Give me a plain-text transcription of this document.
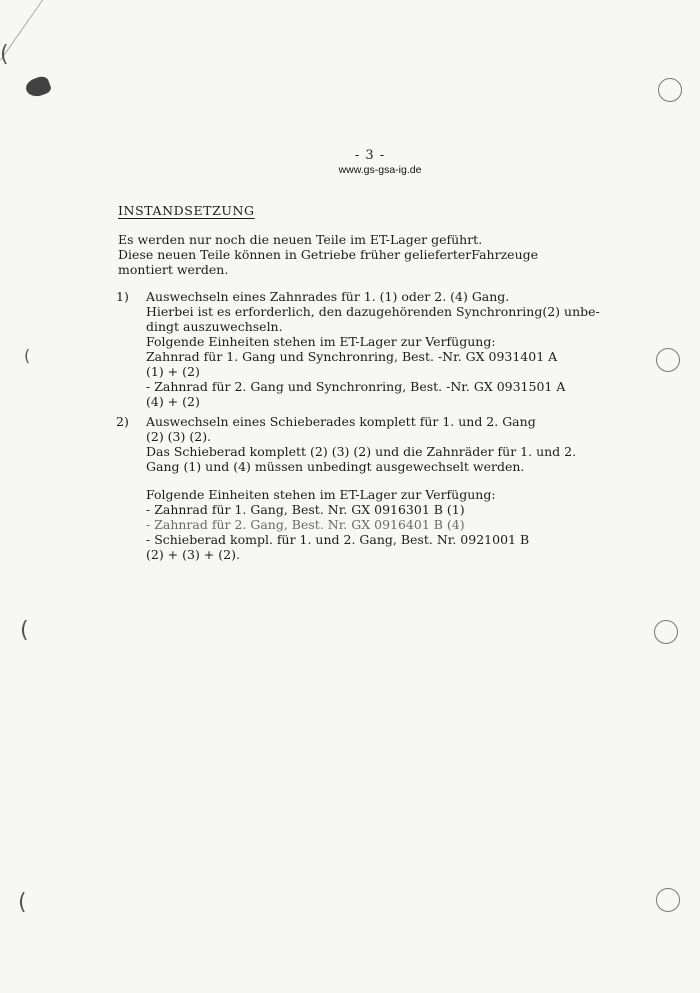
(
(
(
(
- 3 -
www.gs-gsa-ig.de
INSTANDSETZUNG

Es werden nur noch die neuen Teile im ET-Lager geführt.

Diese neuen Teile können in Getriebe früher gelieferterFahrzeuge

montiert werden.

1) Auswechseln eines Zahnrades für 1. (1) oder 2. (4) Gang.

Hierbei ist es erforderlich, den dazugehörenden Synchronring(2) unbe-

dingt auszuwechseln.

Folgende Einheiten stehen im ET-Lager zur Verfügung:

Zahnrad für 1. Gang und Synchronring, Best. -Nr. GX 0931401 A

(1) + (2)

- Zahnrad für 2. Gang und Synchronring, Best. -Nr. GX 0931501 A

(4) + (2)

2) Auswechseln eines Schieberades komplett für 1. und 2. Gang

(2) (3) (2).

Das Schieberad komplett (2) (3) (2) und die Zahnräder für 1. und 2.

Gang (1) und (4) müssen unbedingt ausgewechselt werden.

Folgende Einheiten stehen im ET-Lager zur Verfügung:

- Zahnrad für 1. Gang, Best. Nr. GX 0916301 B (1)

- Zahnrad für 2. Gang, Best. Nr. GX 0916401 B (4)

- Schieberad kompl. für 1. und 2. Gang, Best. Nr. 0921001 B

(2) + (3) + (2).
